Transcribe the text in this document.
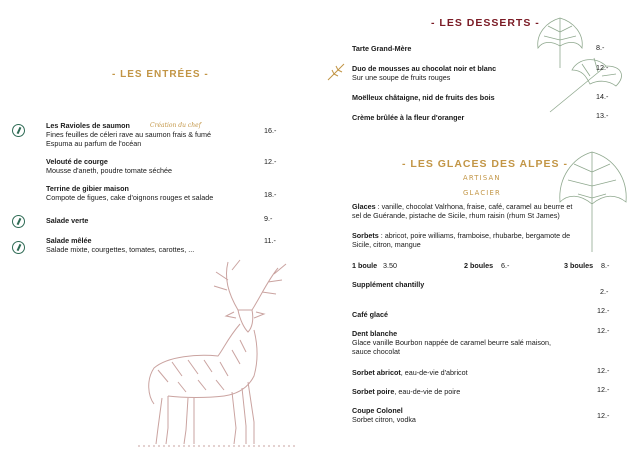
- LES ENTRÉES -
Les Ravioles de saumon
Fines feuilles de céleri rave au saumon frais & fumé
Espuma au parfum de l'océan
Création du chef
16.-
Velouté de courge
Mousse d'aneth, poudre tomate séchée
12.-
Terrine de gibier maison
Compote de figues, cake d'oignons rouges et salade	18.-
Salade verte	9.-
Salade mêlée
Salade mixte, courgettes, tomates, carottes, ...
11.-
- LES DESSERTS -
Tarte Grand-Mère	8.-
Duo de mousses au chocolat noir et blanc
Sur une soupe de fruits rouges
12.-
Moëlleux châtaigne, nid de fruits des bois	14.-
Crème brûlée à la fleur d'oranger	13.-
- LES GLACES DES ALPES -
ARTISAN
GLACIER
Glaces : vanille, chocolat Valrhona, fraise, café, caramel au beurre et
sel de Guérande, pistache de Sicile, rhum raisin (rhum St James)
Sorbets : abricot, poire williams, framboise, rhubarbe, bergamote de
Sicile, citron, mangue
1 boule 3.50	2 boules 6.-	3 boules 8.-
Supplément chantilly
2.-
Café glacé	12.-
Dent blanche
Glace vanille Bourbon nappée de caramel beurre salé maison,
sauce chocolat
12.-
Sorbet abricot, eau-de-vie d'abricot	12.-
Sorbet poire, eau-de-vie de poire	12.-
Coupe Colonel
Sorbet citron, vodka	12.-
